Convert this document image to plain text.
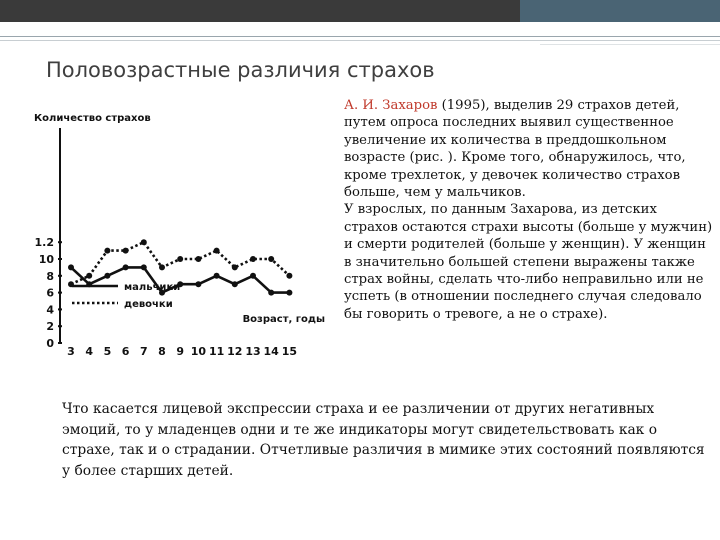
Половозрастные различия страхов
Количество страхов
0
2
4
6
8
10
1.2
3 4 5 6 7 8 9 10 11 12 13 14 15
Возраст, годы
мальчики
девочки

А. И. Захаров (1995), выделив 29 страхов детей, путем опроса последних выявил существенное увеличение их количества в преддошкольном возрасте (рис. ). Кроме того, обнаружилось, что, кроме трехлеток, у девочек количество страхов больше, чем у мальчиков.

У взрослых, по данным Захарова, из детских страхов остаются страхи высоты (больше у мужчин) и смерти родителей (больше у женщин). У женщин в значительно большей степени выражены также страх войны, сделать что-либо неправильно или не успеть (в отношении последнего случая следовало бы говорить о тревоге, а не о страхе).

Что касается лицевой экспрессии страха и ее различении от других негативных эмоций, то у младенцев одни и те же индикаторы могут свидетельствовать как о страхе, так и о страдании. Отчетливые различия в мимике этих состояний появляются у более старших детей.
